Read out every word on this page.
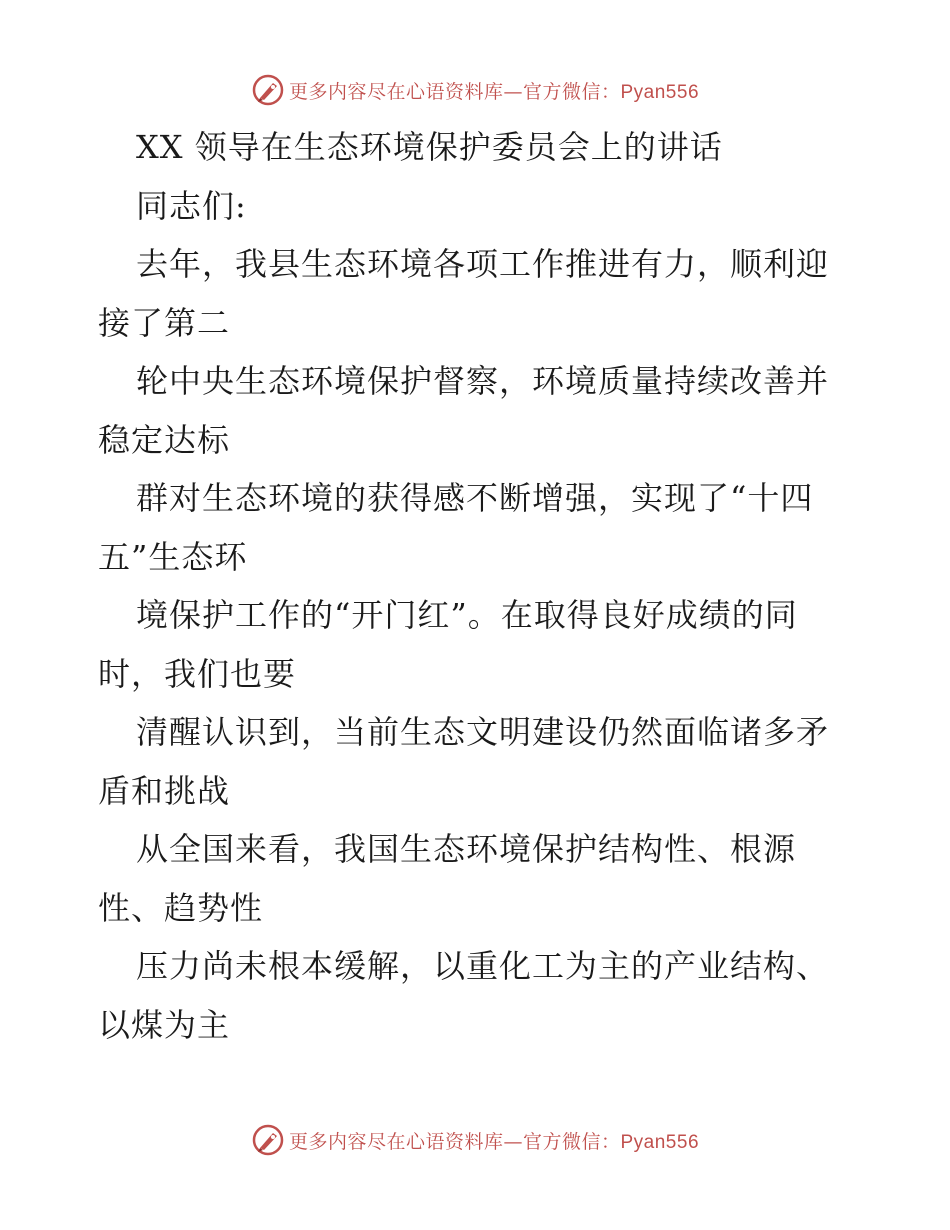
更多内容尽在心语资料库—官方微信：Pyan556
XX 领导在生态环境保护委员会上的讲话
同志们:
去年，我县生态环境各项工作推进有力，顺利迎
接了第二
轮中央生态环境保护督察，环境质量持续改善并
稳定达标
群对生态环境的获得感不断增强，实现了“十四
五”生态环
境保护工作的“开门红”。在取得良好成绩的同
时，我们也要
清醒认识到，当前生态文明建设仍然面临诸多矛
盾和挑战
从全国来看，我国生态环境保护结构性、根源
性、趋势性
压力尚未根本缓解，以重化工为主的产业结构、
以煤为主
更多内容尽在心语资料库—官方微信：Pyan556
